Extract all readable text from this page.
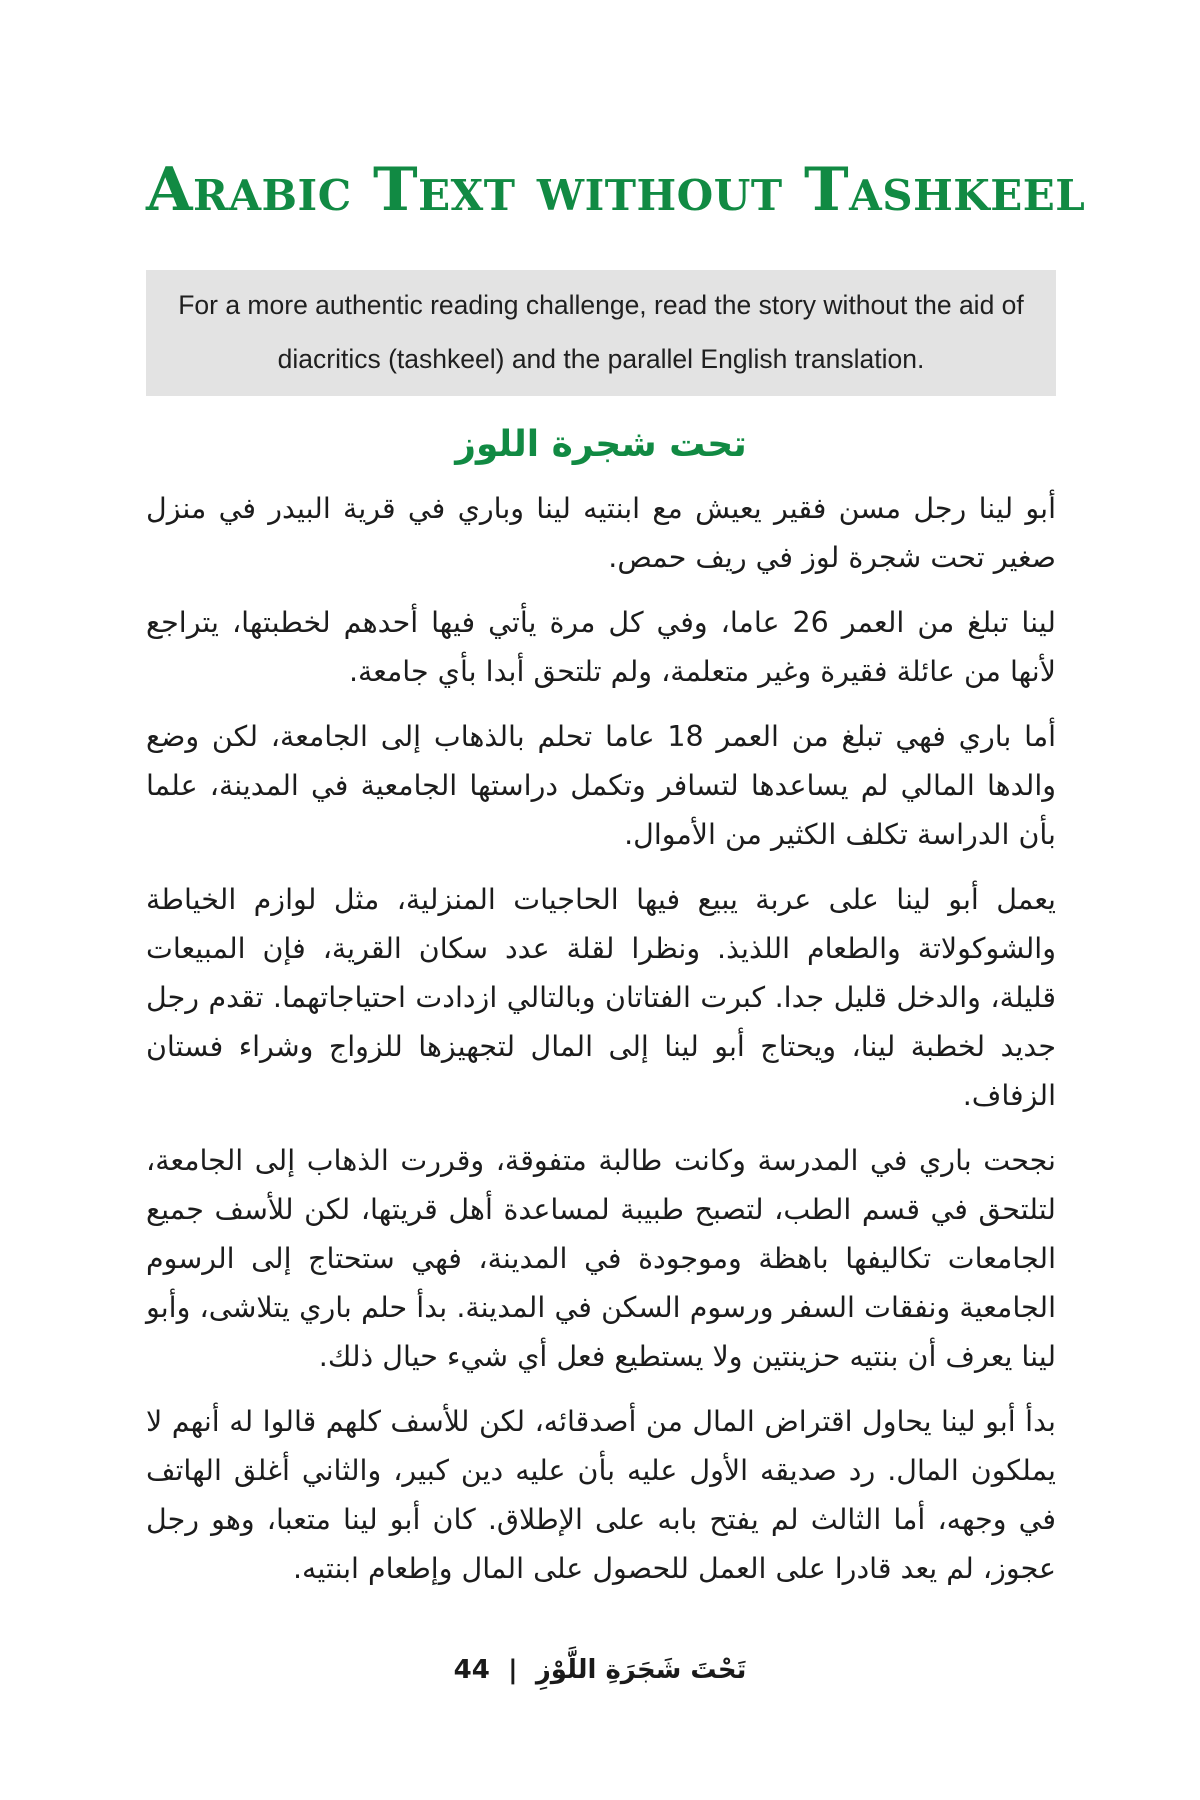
Arabic Text without Tashkeel
For a more authentic reading challenge, read the story without the aid of diacritics (tashkeel) and the parallel English translation.
تحت شجرة اللوز

أبو لينا رجل مسن فقير يعيش مع ابنتيه لينا وباري في قرية البيدر في منزل صغير تحت شجرة لوز في ريف حمص.

لينا تبلغ من العمر 26 عاما، وفي كل مرة يأتي فيها أحدهم لخطبتها، يتراجع لأنها من عائلة فقيرة وغير متعلمة، ولم تلتحق أبدا بأي جامعة.

أما باري فهي تبلغ من العمر 18 عاما تحلم بالذهاب إلى الجامعة، لكن وضع والدها المالي لم يساعدها لتسافر وتكمل دراستها الجامعية في المدينة، علما بأن الدراسة تكلف الكثير من الأموال.

يعمل أبو لينا على عربة يبيع فيها الحاجيات المنزلية، مثل لوازم الخياطة والشوكولاتة والطعام اللذيذ. ونظرا لقلة عدد سكان القرية، فإن المبيعات قليلة، والدخل قليل جدا. كبرت الفتاتان وبالتالي ازدادت احتياجاتهما. تقدم رجل جديد لخطبة لينا، ويحتاج أبو لينا إلى المال لتجهيزها للزواج وشراء فستان الزفاف.

نجحت باري في المدرسة وكانت طالبة متفوقة، وقررت الذهاب إلى الجامعة، لتلتحق في قسم الطب، لتصبح طبيبة لمساعدة أهل قريتها، لكن للأسف جميع الجامعات تكاليفها باهظة وموجودة في المدينة، فهي ستحتاج إلى الرسوم الجامعية ونفقات السفر ورسوم السكن في المدينة. بدأ حلم باري يتلاشى، وأبو لينا يعرف أن بنتيه حزينتين ولا يستطيع فعل أي شيء حيال ذلك.

بدأ أبو لينا يحاول اقتراض المال من أصدقائه، لكن للأسف كلهم قالوا له أنهم لا يملكون المال. رد صديقه الأول عليه بأن عليه دين كبير، والثاني أغلق الهاتف في وجهه، أما الثالث لم يفتح بابه على الإطلاق. كان أبو لينا متعبا، وهو رجل عجوز، لم يعد قادرا على العمل للحصول على المال وإطعام ابنتيه.

44 | تَحْتَ شَجَرَةِ اللَّوْزِ
